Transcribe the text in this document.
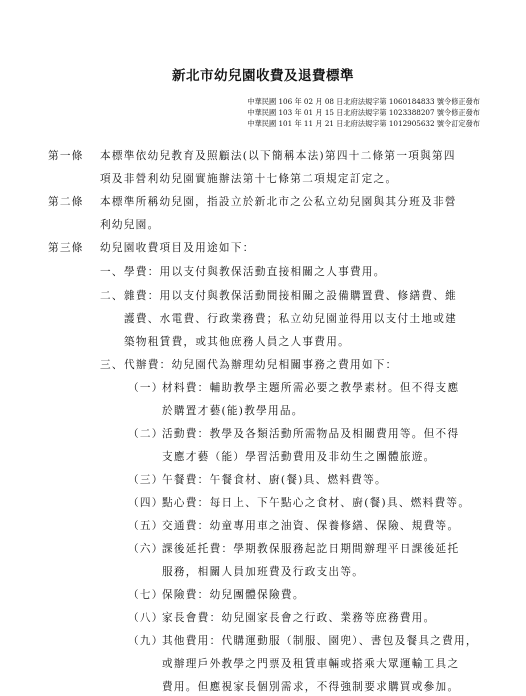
新北市幼兒園收費及退費標準
中華民國 106 年 02 月 08 日北府法規字第 1060184833 號令修正發布
中華民國 103 年 01 月 15 日北府法規字第 1023388207 號令修正發布
中華民國 101 年 11 月 21 日北府法規字第 1012905632 號令訂定發布
第一條 本標準依幼兒教育及照顧法(以下簡稱本法)第四十二條第一項與第四
項及非營利幼兒園實施辦法第十七條第二項規定訂定之。
第二條 本標準所稱幼兒園，指設立於新北市之公私立幼兒園與其分班及非營
利幼兒園。
第三條 幼兒園收費項目及用途如下：
一、 學費：用以支付與教保活動直接相關之人事費用。
二、 雜費：用以支付與教保活動間接相關之設備購置費、修繕費、維
護費、水電費、行政業務費；私立幼兒園並得用以支付土地或建
築物租賃費，或其他庶務人員之人事費用。
三、 代辦費：幼兒園代為辦理幼兒相關事務之費用如下：
（一）
材料費：輔助教學主題所需必要之教學素材。但不得支應
於購置才藝(能)教學用品。
（二）
活動費：教學及各類活動所需物品及相關費用等。但不得
支應才藝（能）學習活動費用及非幼生之團體旅遊。
（三）
午餐費：午餐食材、廚(餐)具、燃料費等。
（四）
點心費：每日上、下午點心之食材、廚(餐)具、燃料費等。
（五）
交通費：幼童專用車之油資、保養修繕、保險、規費等。
（六）
課後延托費：學期教保服務起訖日期間辦理平日課後延托
服務，相關人員加班費及行政支出等。
（七）
保險費：幼兒團體保險費。
（八）
家長會費：幼兒園家長會之行政、業務等庶務費用。
（九）
其他費用：代購運動服（制服、園兜）、書包及餐具之費用，
或辦理戶外教學之門票及租賃車輛或搭乘大眾運輸工具之
費用。但應視家長個別需求，不得強制要求購買或參加。
